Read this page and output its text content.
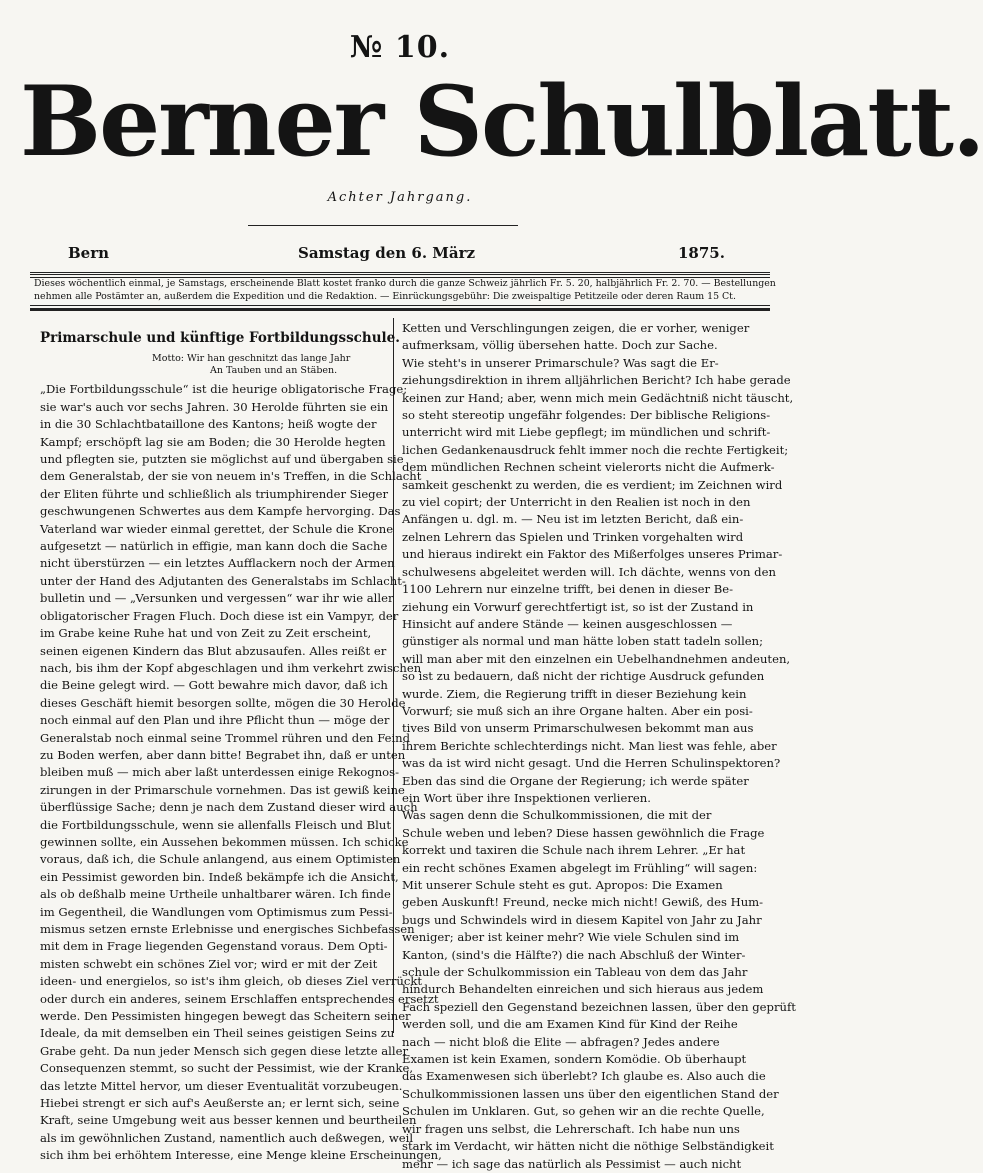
№ 10.
Berner Schulblatt.
Achter Jahrgang.
Bern	Samstag den 6. März	1875.
Dieses wöchentlich einmal, je Samstags, erscheinende Blatt kostet franko durch die ganze Schweiz jährlich Fr. 5. 20, halbjährlich Fr. 2. 70. — Bestellungen
nehmen alle Postämter an, außerdem die Expedition und die Redaktion. — Einrückungsgebühr: Die zweispaltige Petitzeile oder deren Raum 15 Ct.
Primarschule und künftige Fortbildungsschule.
Motto: Wir han geschnitzt das lange Jahr
An Tauben und an Stäben.
„Die Fortbildungsschule“ ist die heurige obligatorische Frage;
sie war's auch vor sechs Jahren. 30 Herolde führten sie ein
in die 30 Schlachtbataillone des Kantons; heiß wogte der
Kampf; erschöpft lag sie am Boden; die 30 Herolde hegten
und pflegten sie, putzten sie möglichst auf und übergaben sie
dem Generalstab, der sie von neuem in's Treffen, in die Schlacht
der Eliten führte und schließlich als triumphirender Sieger
geschwungenen Schwertes aus dem Kampfe hervorging. Das
Vaterland war wieder einmal gerettet, der Schule die Krone
aufgesetzt — natürlich in effigie, man kann doch die Sache
nicht überstürzen — ein letztes Aufflackern noch der Armen
unter der Hand des Adjutanten des Generalstabs im Schlacht-
bulletin und — „Versunken und vergessen“ war ihr wie aller
obligatorischer Fragen Fluch. Doch diese ist ein Vampyr, der
im Grabe keine Ruhe hat und von Zeit zu Zeit erscheint,
seinen eigenen Kindern das Blut abzusaufen. Alles reißt er
nach, bis ihm der Kopf abgeschlagen und ihm verkehrt zwischen
die Beine gelegt wird. — Gott bewahre mich davor, daß ich
dieses Geschäft hiemit besorgen sollte, mögen die 30 Herolde
noch einmal auf den Plan und ihre Pflicht thun — möge der
Generalstab noch einmal seine Trommel rühren und den Feind
zu Boden werfen, aber dann bitte! Begrabet ihn, daß er unten
bleiben muß — mich aber laßt unterdessen einige Rekognos-
zirungen in der Primarschule vornehmen. Das ist gewiß keine
überflüssige Sache; denn je nach dem Zustand dieser wird auch
die Fortbildungsschule, wenn sie allenfalls Fleisch und Blut
gewinnen sollte, ein Aussehen bekommen müssen. Ich schicke
voraus, daß ich, die Schule anlangend, aus einem Optimisten
ein Pessimist geworden bin. Indeß bekämpfe ich die Ansicht,
als ob deßhalb meine Urtheile unhaltbarer wären. Ich finde
im Gegentheil, die Wandlungen vom Optimismus zum Pessi-
mismus setzen ernste Erlebnisse und energisches Sichbefassen
mit dem in Frage liegenden Gegenstand voraus. Dem Opti-
misten schwebt ein schönes Ziel vor; wird er mit der Zeit
ideen- und energielos, so ist's ihm gleich, ob dieses Ziel verrückt
oder durch ein anderes, seinem Erschlaffen entsprechendes ersetzt
werde. Den Pessimisten hingegen bewegt das Scheitern seiner
Ideale, da mit demselben ein Theil seines geistigen Seins zu
Grabe geht. Da nun jeder Mensch sich gegen diese letzte aller
Consequenzen stemmt, so sucht der Pessimist, wie der Kranke,
das letzte Mittel hervor, um dieser Eventualität vorzubeugen.
Hiebei strengt er sich auf's Aeußerste an; er lernt sich, seine
Kraft, seine Umgebung weit aus besser kennen und beurtheilen
als im gewöhnlichen Zustand, namentlich auch deßwegen, weil
sich ihm bei erhöhtem Interesse, eine Menge kleine Erscheinungen,
Ketten und Verschlingungen zeigen, die er vorher, weniger
aufmerksam, völlig übersehen hatte. Doch zur Sache.
Wie steht's in unserer Primarschule? Was sagt die Er-
ziehungsdirektion in ihrem alljährlichen Bericht? Ich habe gerade
keinen zur Hand; aber, wenn mich mein Gedächtniß nicht täuscht,
so steht stereotip ungefähr folgendes: Der biblische Religions-
unterricht wird mit Liebe gepflegt; im mündlichen und schrift-
lichen Gedankenausdruck fehlt immer noch die rechte Fertigkeit;
dem mündlichen Rechnen scheint vielerorts nicht die Aufmerk-
samkeit geschenkt zu werden, die es verdient; im Zeichnen wird
zu viel copirt; der Unterricht in den Realien ist noch in den
Anfängen u. dgl. m. — Neu ist im letzten Bericht, daß ein-
zelnen Lehrern das Spielen und Trinken vorgehalten wird
und hieraus indirekt ein Faktor des Mißerfolges unseres Primar-
schulwesens abgeleitet werden will. Ich dächte, wenns von den
1100 Lehrern nur einzelne trifft, bei denen in dieser Be-
ziehung ein Vorwurf gerechtfertigt ist, so ist der Zustand in
Hinsicht auf andere Stände — keinen ausgeschlossen —
günstiger als normal und man hätte loben statt tadeln sollen;
will man aber mit den einzelnen ein Uebelhandnehmen andeuten,
so ist zu bedauern, daß nicht der richtige Ausdruck gefunden
wurde. Ziem, die Regierung trifft in dieser Beziehung kein
Vorwurf; sie muß sich an ihre Organe halten. Aber ein posi-
tives Bild von unserm Primarschulwesen bekommt man aus
ihrem Berichte schlechterdings nicht. Man liest was fehle, aber
was da ist wird nicht gesagt. Und die Herren Schulinspektoren?
Eben das sind die Organe der Regierung; ich werde später
ein Wort über ihre Inspektionen verlieren.
Was sagen denn die Schulkommissionen, die mit der
Schule weben und leben? Diese hassen gewöhnlich die Frage
korrekt und taxiren die Schule nach ihrem Lehrer. „Er hat
ein recht schönes Examen abgelegt im Frühling“ will sagen:
Mit unserer Schule steht es gut. Apropos: Die Examen
geben Auskunft! Freund, necke mich nicht! Gewiß, des Hum-
bugs und Schwindels wird in diesem Kapitel von Jahr zu Jahr
weniger; aber ist keiner mehr? Wie viele Schulen sind im
Kanton, (sind's die Hälfte?) die nach Abschluß der Winter-
schule der Schulkommission ein Tableau von dem das Jahr
hindurch Behandelten einreichen und sich hieraus aus jedem
Fach speziell den Gegenstand bezeichnen lassen, über den geprüft
werden soll, und die am Examen Kind für Kind der Reihe
nach — nicht bloß die Elite — abfragen? Jedes andere
Examen ist kein Examen, sondern Komödie. Ob überhaupt
das Examenwesen sich überlebt? Ich glaube es. Also auch die
Schulkommissionen lassen uns über den eigentlichen Stand der
Schulen im Unklaren. Gut, so gehen wir an die rechte Quelle,
wir fragen uns selbst, die Lehrerschaft. Ich habe nun uns
stark im Verdacht, wir hätten nicht die nöthige Selbständigkeit
mehr — ich sage das natürlich als Pessimist — auch nicht
